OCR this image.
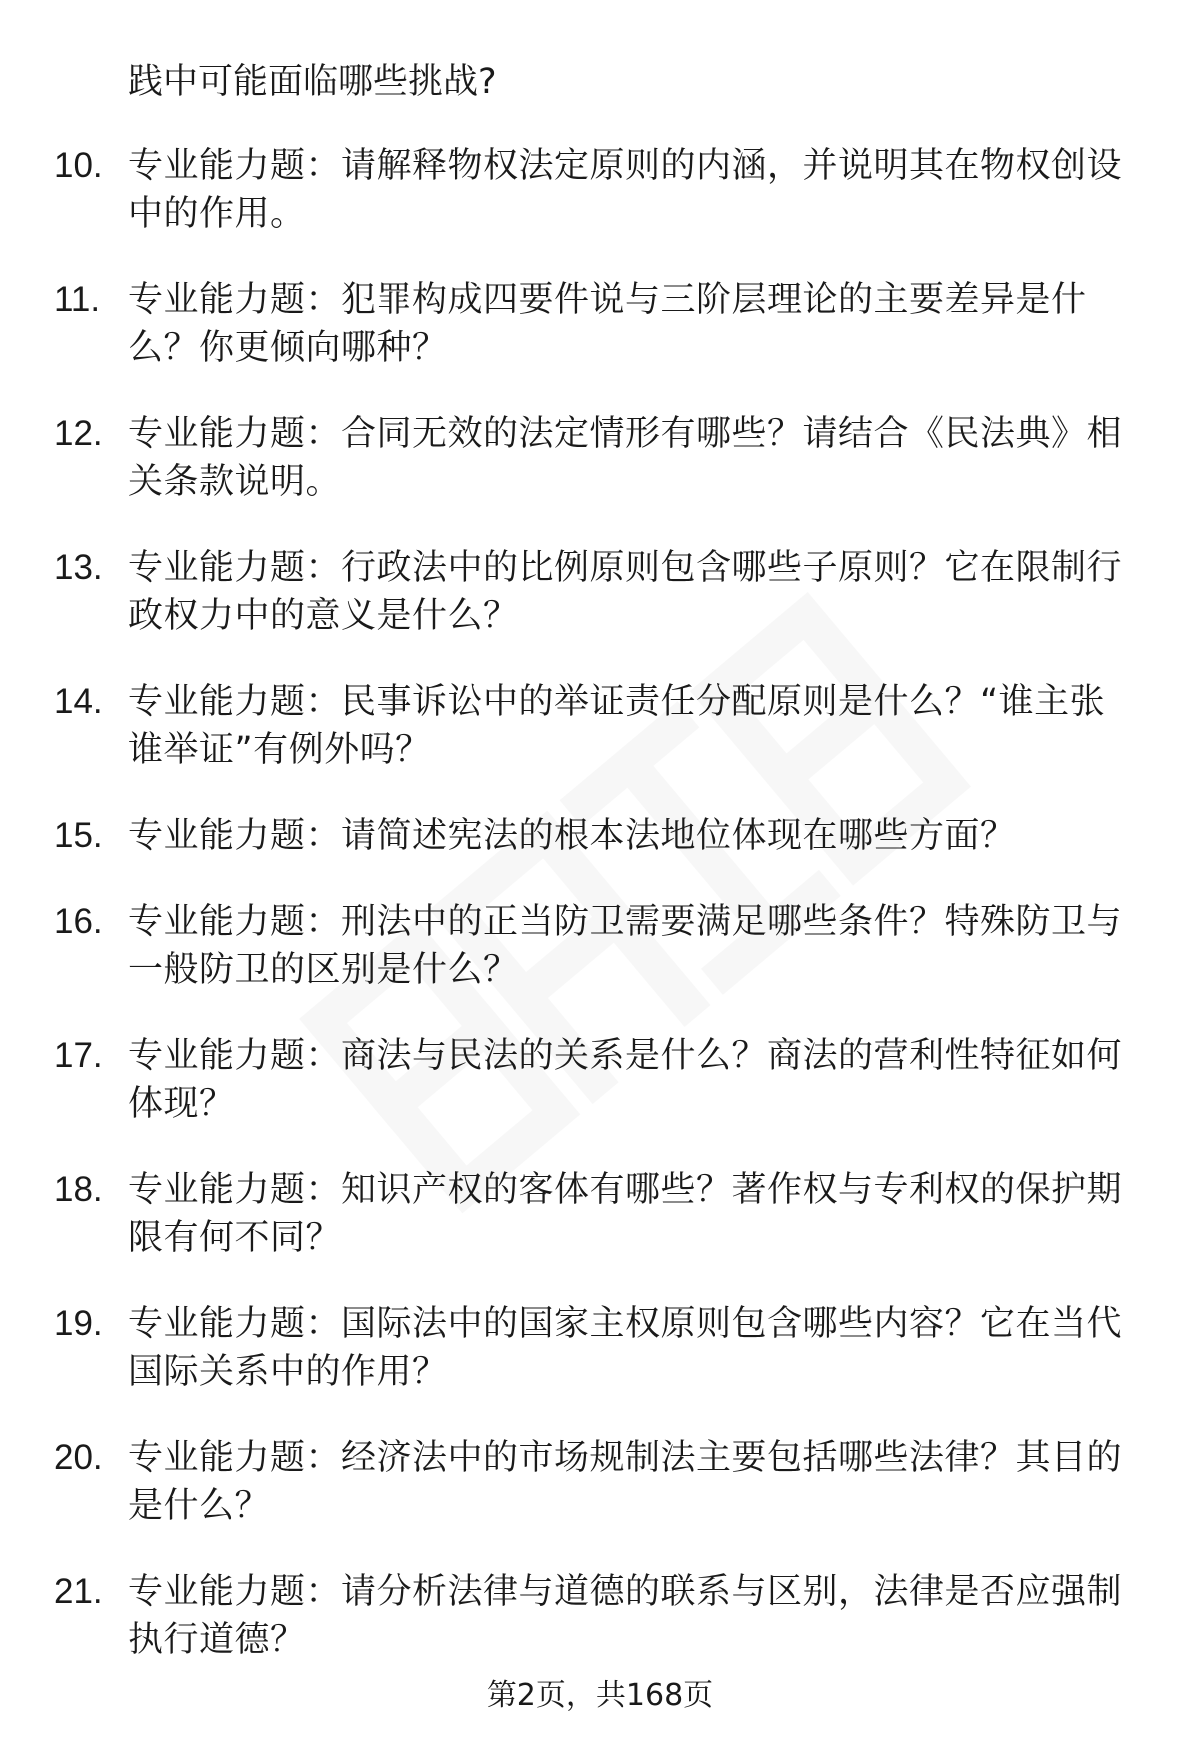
践中可能面临哪些挑战?
10. 专业能力题：请解释物权法定原则的内涵，并说明其在物权创设中的作用。
11. 专业能力题：犯罪构成四要件说与三阶层理论的主要差异是什么？你更倾向哪种？
12. 专业能力题：合同无效的法定情形有哪些？请结合《民法典》相关条款说明。
13. 专业能力题：行政法中的比例原则包含哪些子原则？它在限制行政权力中的意义是什么？
14. 专业能力题：民事诉讼中的举证责任分配原则是什么？“谁主张谁举证”有例外吗？
15. 专业能力题：请简述宪法的根本法地位体现在哪些方面？
16. 专业能力题：刑法中的正当防卫需要满足哪些条件？特殊防卫与一般防卫的区别是什么？
17. 专业能力题：商法与民法的关系是什么？商法的营利性特征如何体现？
18. 专业能力题：知识产权的客体有哪些？著作权与专利权的保护期限有何不同？
19. 专业能力题：国际法中的国家主权原则包含哪些内容？它在当代国际关系中的作用？
20. 专业能力题：经济法中的市场规制法主要包括哪些法律？其目的是什么？
21. 专业能力题：请分析法律与道德的联系与区别，法律是否应强制执行道德？
第2页，共168页
